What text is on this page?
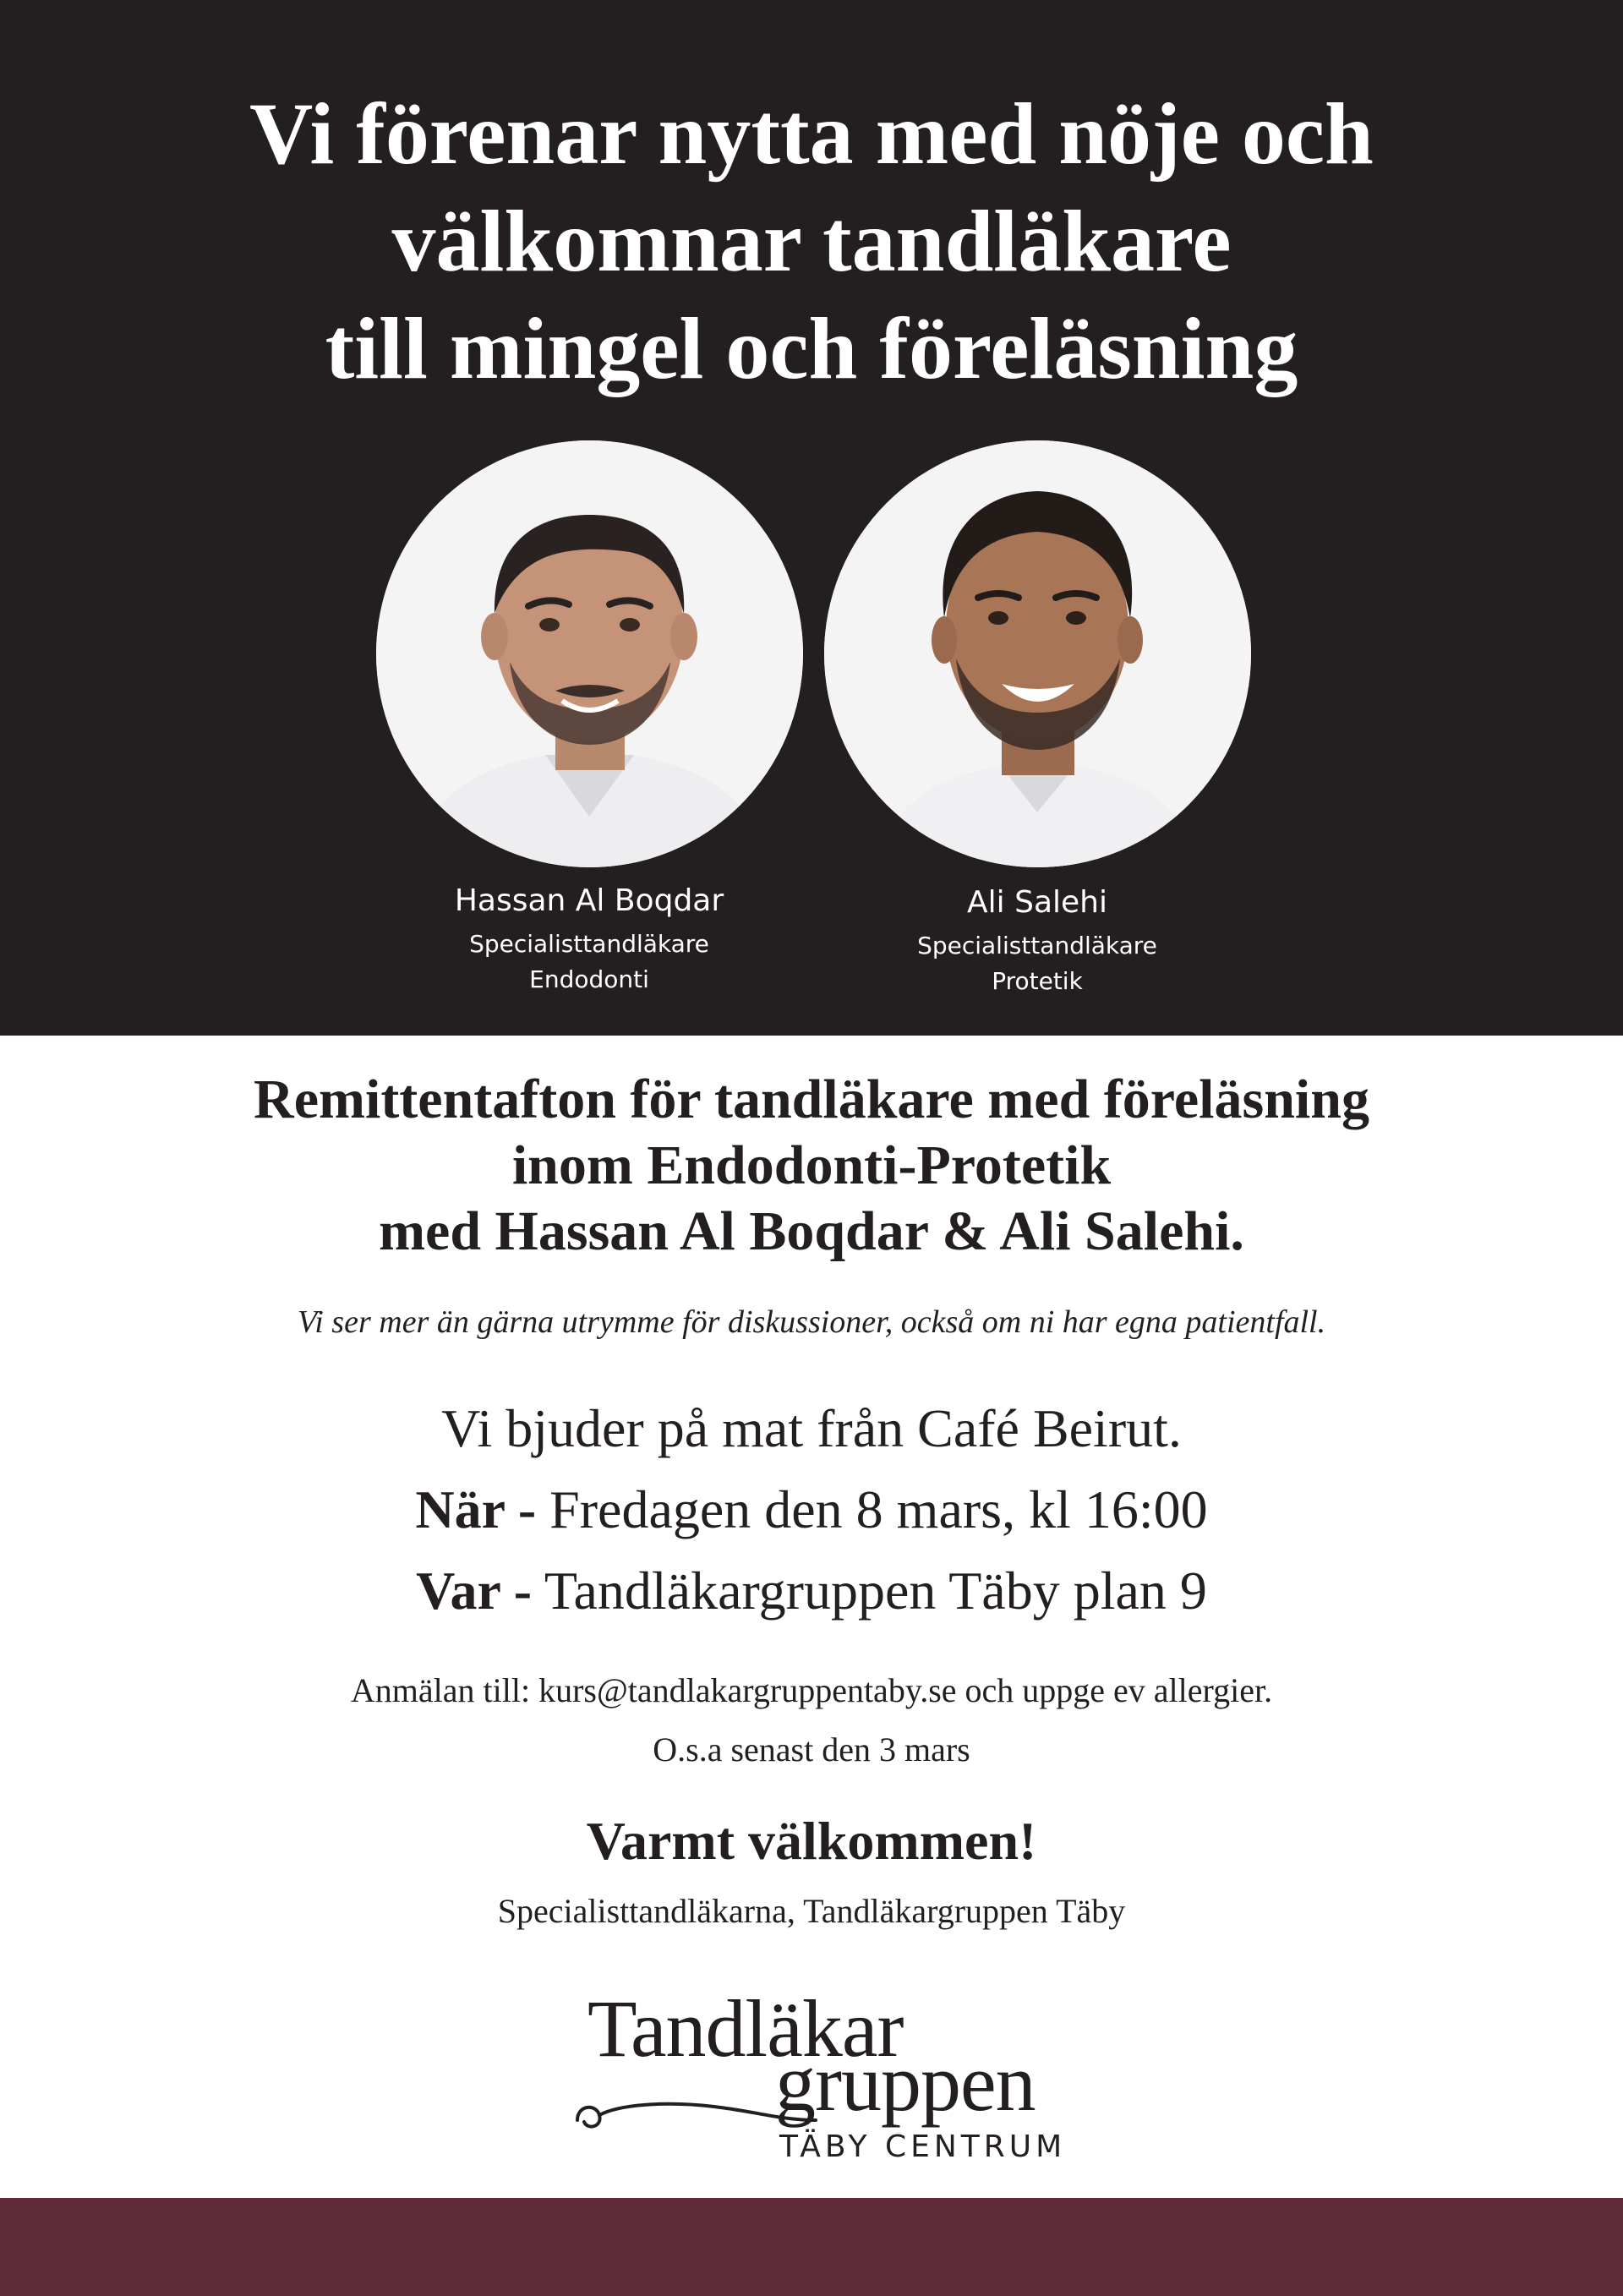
Vi förenar nytta med nöje och
välkomnar tandläkare
till mingel och föreläsning
Hassan Al Boqdar
Specialisttandläkare
Endodonti
Ali Salehi
Specialisttandläkare
Protetik
Remittentafton för tandläkare med föreläsning
inom Endodonti-Protetik
med Hassan Al Boqdar & Ali Salehi.
Vi ser mer än gärna utrymme för diskussioner, också om ni har egna patientfall.
Vi bjuder på mat från Café Beirut.
När - Fredagen den 8 mars, kl 16:00
Var - Tandläkargruppen Täby plan 9
Anmälan till: kurs@tandlakargruppentaby.se och uppge ev allergier.
O.s.a senast den 3 mars
Varmt välkommen!
Specialisttandläkarna, Tandläkargruppen Täby
Tandläkar
gruppen
TÄBY CENTRUM
